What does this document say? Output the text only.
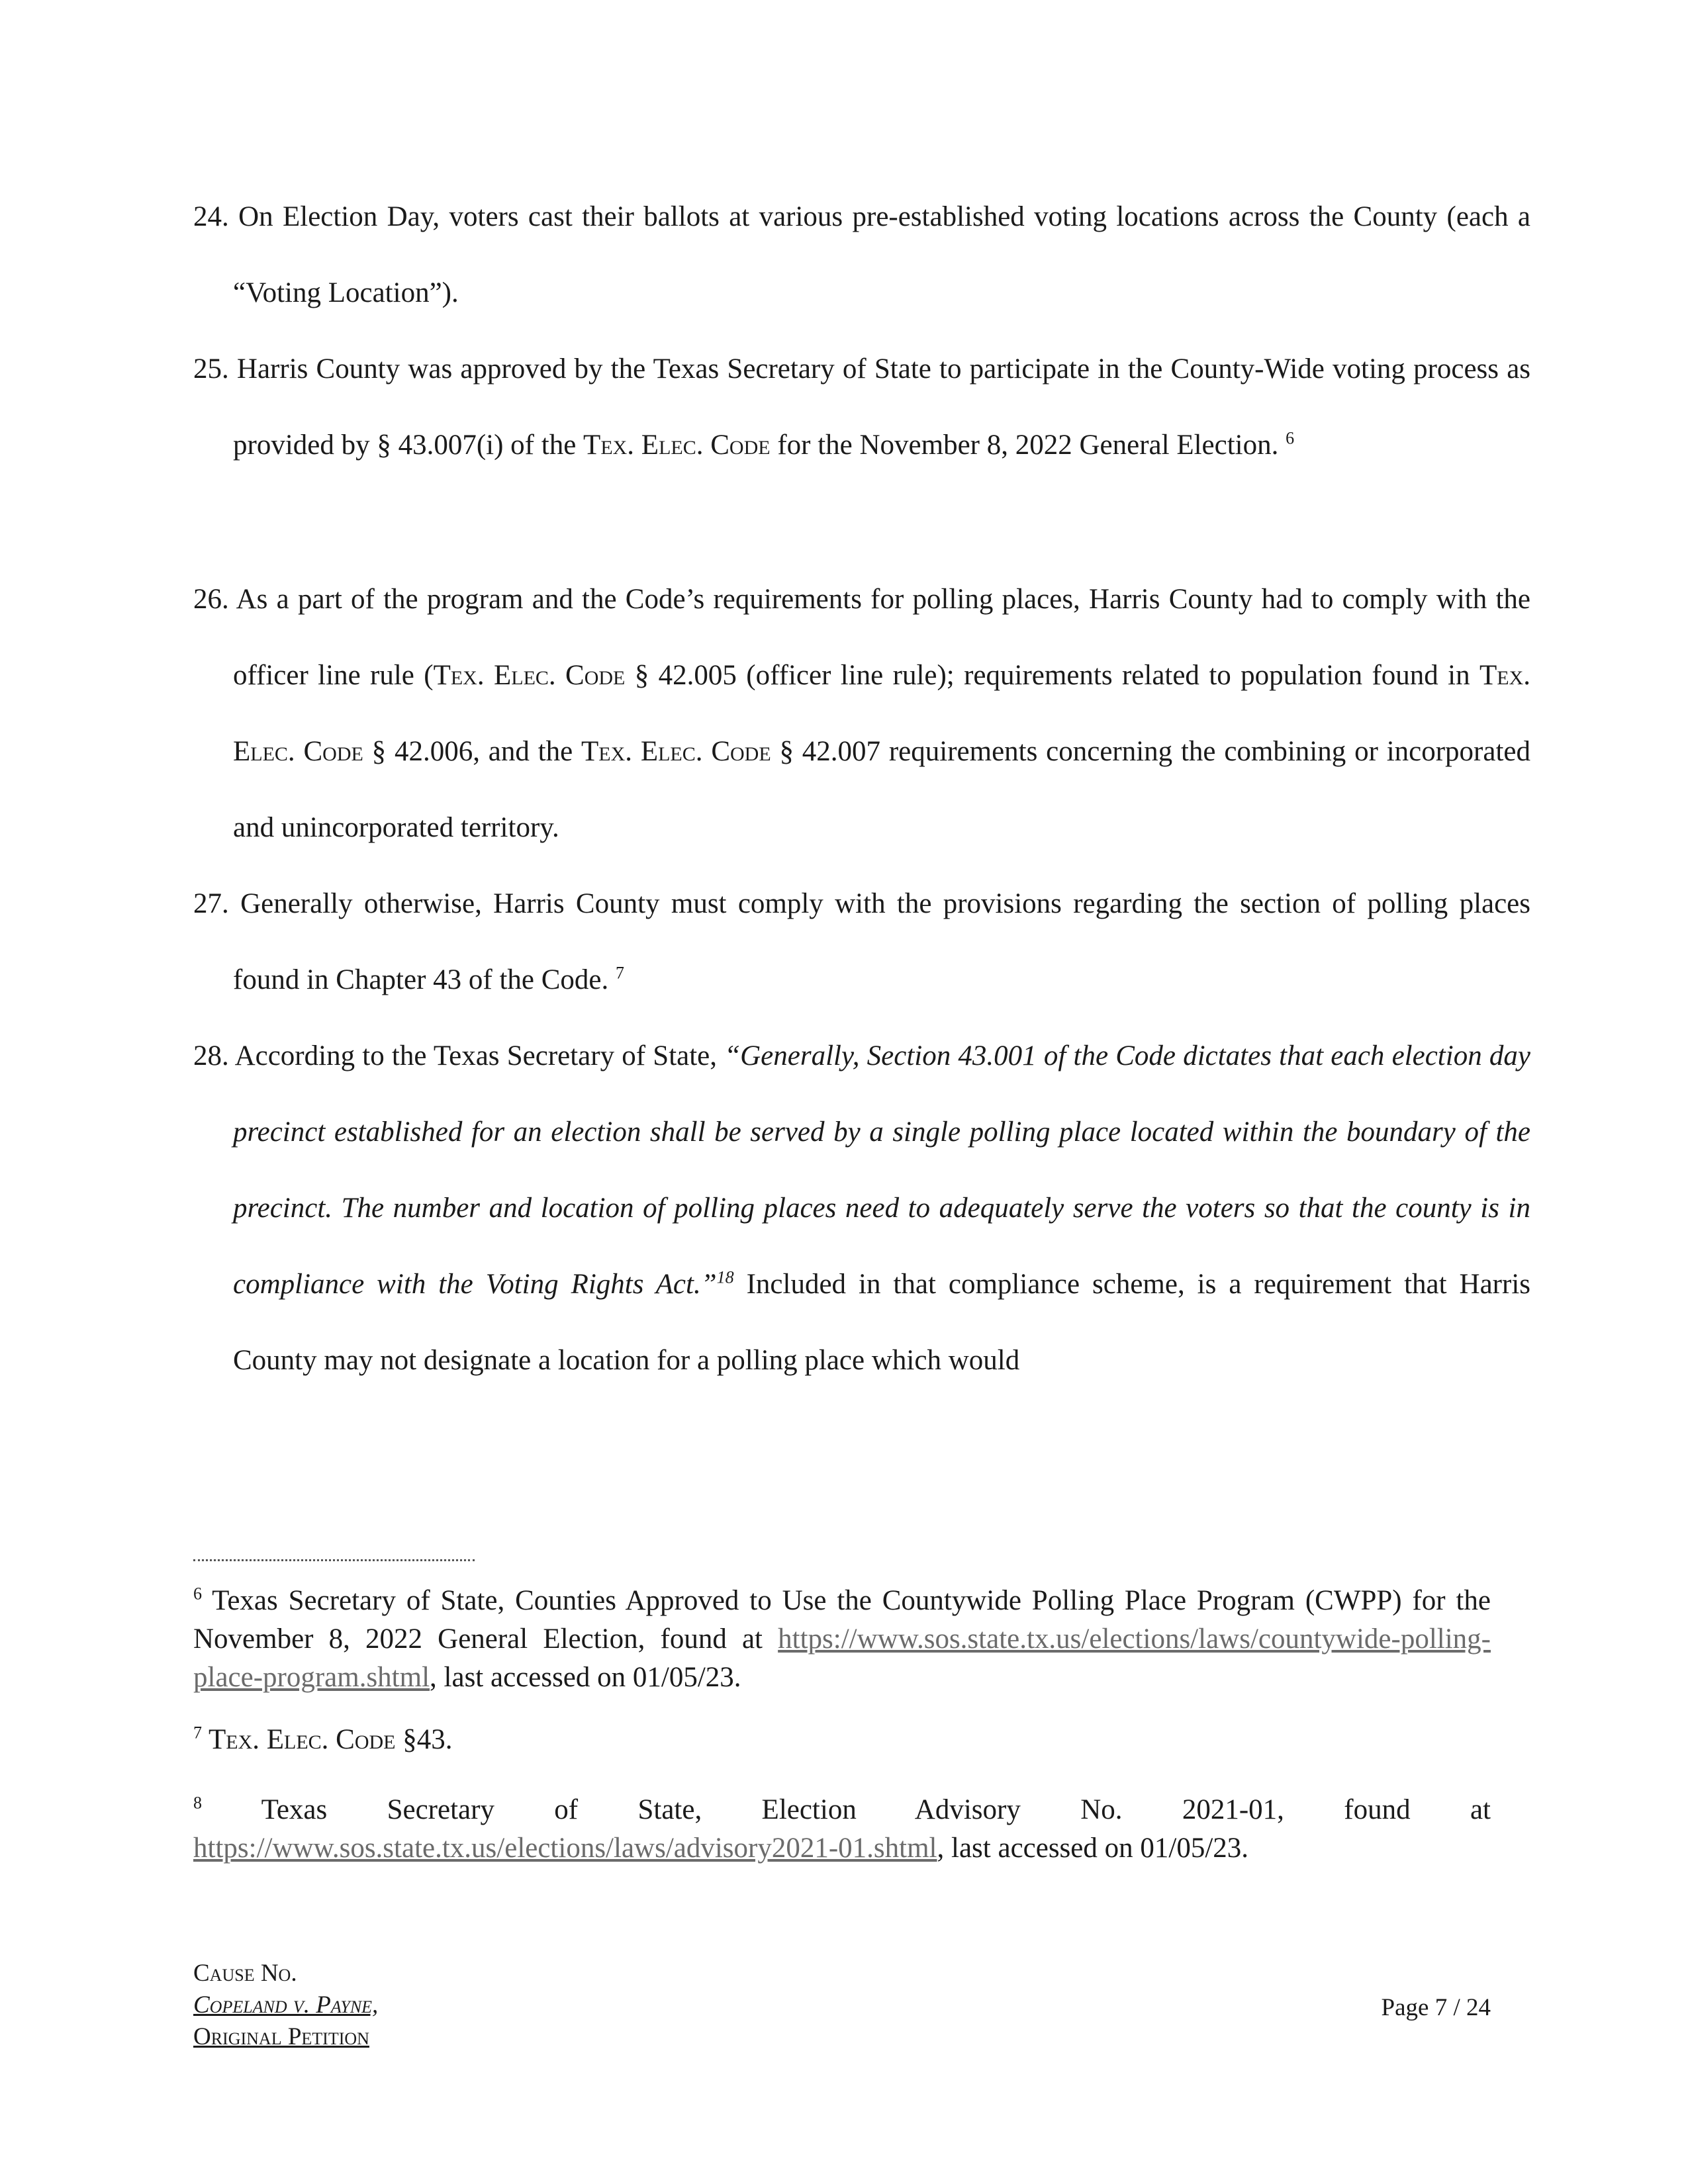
24. On Election Day, voters cast their ballots at various pre-established voting locations across the County (each a “Voting Location”).
25. Harris County was approved by the Texas Secretary of State to participate in the County-Wide voting process as provided by § 43.007(i) of the Tex. Elec. Code for the November 8, 2022 General Election. $^6$
26. As a part of the program and the Code’s requirements for polling places, Harris County had to comply with the officer line rule (Tex. Elec. Code § 42.005 (officer line rule); requirements related to population found in Tex. Elec. Code § 42.006, and the Tex. Elec. Code § 42.007 requirements concerning the combining or incorporated and unincorporated territory.
27. Generally otherwise, Harris County must comply with the provisions regarding the section of polling places found in Chapter 43 of the Code. $^7$
28. According to the Texas Secretary of State, “Generally, Section 43.001 of the Code dictates that each election day precinct established for an election shall be served by a single polling place located within the boundary of the precinct. The number and location of polling places need to adequately serve the voters so that the county is in compliance with the Voting Rights Act.”$^{18}$ Included in that compliance scheme, is a requirement that Harris County may not designate a location for a polling place which would
$^6$ Texas Secretary of State, Counties Approved to Use the Countywide Polling Place Program (CWPP) for the November 8, 2022 General Election, found at https://www.sos.state.tx.us/elections/laws/countywide-polling-place-program.shtml, last accessed on 01/05/23.
$^7$ Tex. Elec. Code §43.
$^8$ Texas Secretary of State, Election Advisory No. 2021-01, found at https://www.sos.state.tx.us/elections/laws/advisory2021-01.shtml, last accessed on 01/05/23.
Cause No.
Copeland v. Payne,
Original Petition
Page 7 / 24
